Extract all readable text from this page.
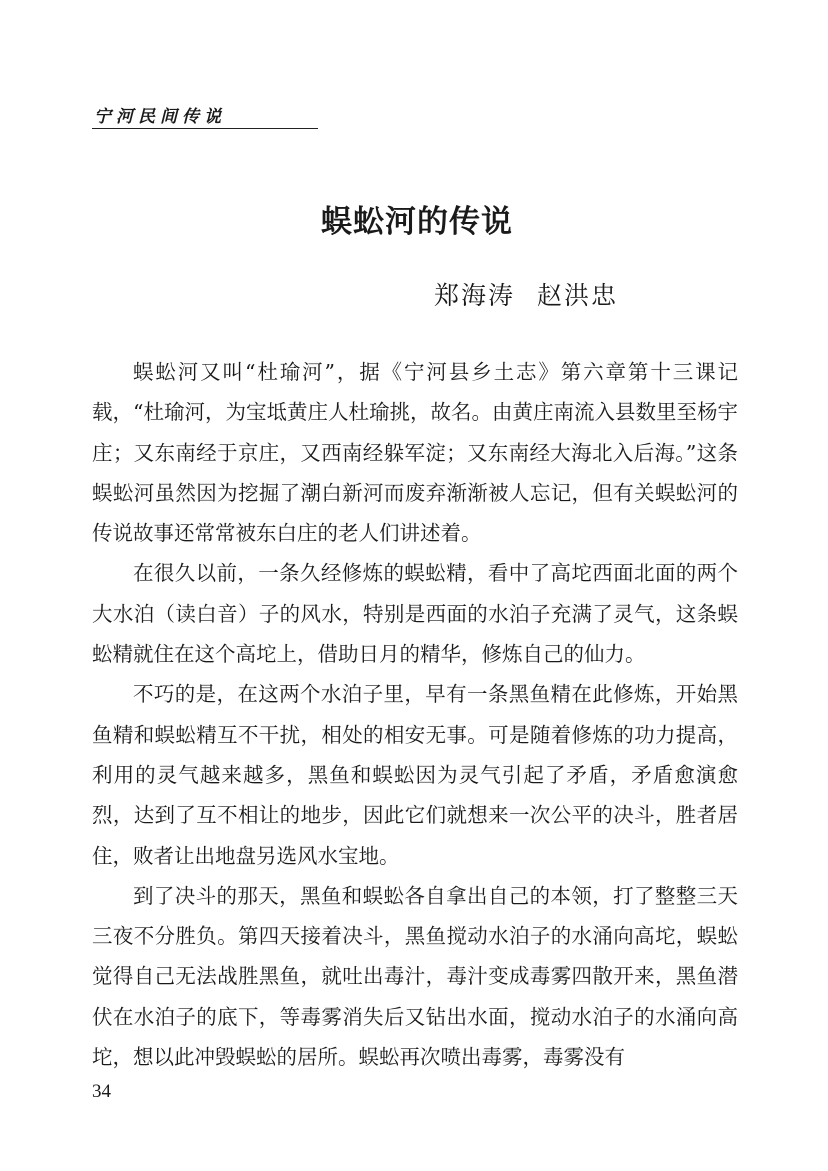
宁河民间传说
蜈蚣河的传说
郑海涛 赵洪忠

蜈蚣河又叫“杜瑜河”，据《宁河县乡土志》第六章第十三课记载，“杜瑜河，为宝坻黄庄人杜瑜挑，故名。由黄庄南流入县数里至杨宇庄；又东南经于京庄，又西南经躲军淀；又东南经大海北入后海。”这条蜈蚣河虽然因为挖掘了潮白新河而废弃渐渐被人忘记，但有关蜈蚣河的传说故事还常常被东白庄的老人们讲述着。

在很久以前，一条久经修炼的蜈蚣精，看中了高坨西面北面的两个大水泊（读白音）子的风水，特别是西面的水泊子充满了灵气，这条蜈蚣精就住在这个高坨上，借助日月的精华，修炼自己的仙力。

不巧的是，在这两个水泊子里，早有一条黑鱼精在此修炼，开始黑鱼精和蜈蚣精互不干扰，相处的相安无事。可是随着修炼的功力提高，利用的灵气越来越多，黑鱼和蜈蚣因为灵气引起了矛盾，矛盾愈演愈烈，达到了互不相让的地步，因此它们就想来一次公平的决斗，胜者居住，败者让出地盘另选风水宝地。

到了决斗的那天，黑鱼和蜈蚣各自拿出自己的本领，打了整整三天三夜不分胜负。第四天接着决斗，黑鱼搅动水泊子的水涌向高坨，蜈蚣觉得自己无法战胜黑鱼，就吐出毒汁，毒汁变成毒雾四散开来，黑鱼潜伏在水泊子的底下，等毒雾消失后又钻出水面，搅动水泊子的水涌向高坨，想以此冲毁蜈蚣的居所。蜈蚣再次喷出毒雾，毒雾没有

34
